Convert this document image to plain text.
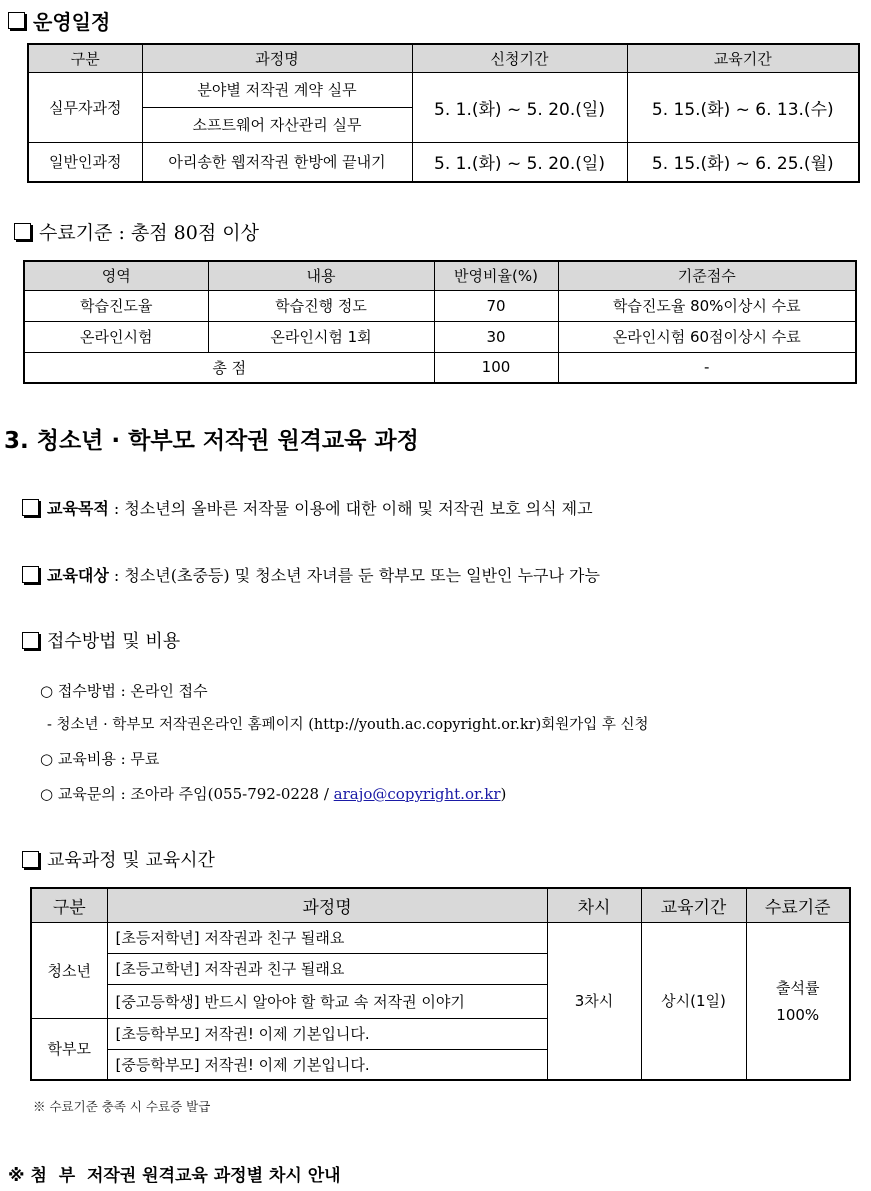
운영일정
구분	과정명	신청기간	교육기간
실무자과정	분야별 저작권 계약 실무	5. 1.(화) ~ 5. 20.(일)	5. 15.(화) ~ 6. 13.(수)
	소프트웨어 자산관리 실무		
일반인과정	아리송한 웹저작권 한방에 끝내기	5. 1.(화) ~ 5. 20.(일)	5. 15.(화) ~ 6. 25.(월)
수료기준 : 총점 80점 이상
영역	내용	반영비율(%)	기준점수
학습진도율	학습진행 정도	70	학습진도율 80%이상시 수료
온라인시험	온라인시험 1회	30	온라인시험 60점이상시 수료
총 점		100	-
3. 청소년 · 학부모 저작권 원격교육 과정
교육목적 : 청소년의 올바른 저작물 이용에 대한 이해 및 저작권 보호 의식 제고
교육대상 : 청소년(초중등) 및 청소년 자녀를 둔 학부모 또는 일반인 누구나 가능
접수방법 및 비용
○ 접수방법 : 온라인 접수
- 청소년 · 학부모 저작권온라인 홈페이지 (http://youth.ac.copyright.or.kr)회원가입 후 신청
○ 교육비용 : 무료
○ 교육문의 : 조아라 주임(055-792-0228 / arajo@copyright.or.kr)
교육과정 및 교육시간
구분	과정명	차시	교육기간	수료기준
청소년	[초등저학년] 저작권과 친구 될래요	3차시	상시(1일)	출석률
100%

	[초등고학년] 저작권과 친구 될래요			
	[중고등학생] 반드시 알아야 할 학교 속 저작권 이야기			
학부모	[초등학부모] 저작권! 이제 기본입니다.			
	[중등학부모] 저작권! 이제 기본입니다.			
※ 수료기준 충족 시 수료증 발급
※ 첨  부  저작권 원격교육 과정별 차시 안내
